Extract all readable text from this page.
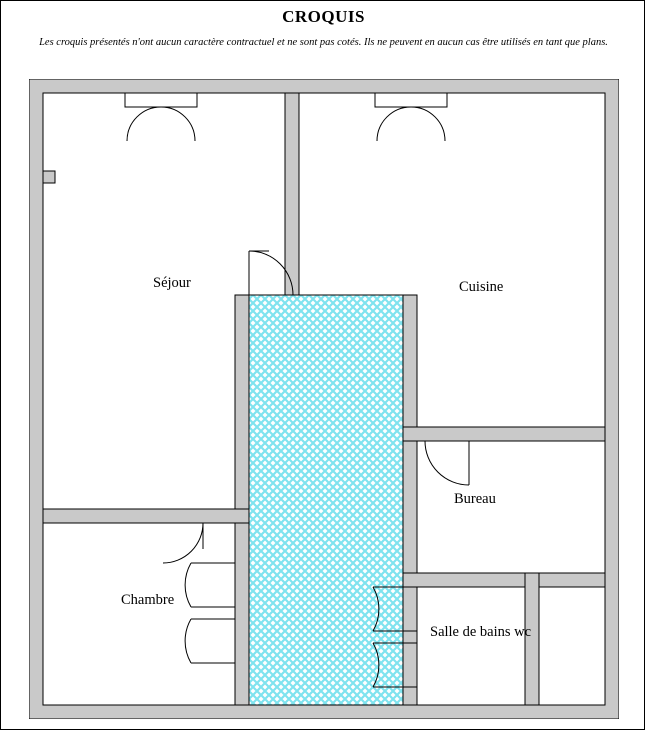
CROQUIS
Les croquis présentés n'ont aucun caractère contractuel et ne sont pas cotés. Ils ne peuvent en aucun cas être utilisés en tant que plans.
Séjour	Cuisine
Bureau
Chambre
Salle de bains wc
